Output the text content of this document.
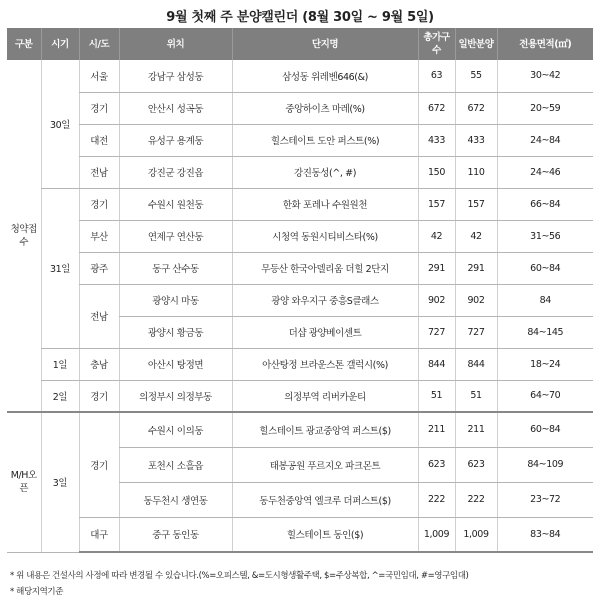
9월 첫째 주 분양캘린더 (8월 30일 ~ 9월 5일)
구분	시기	시/도	위치	단지명	총가구수	일반분양	전용면적(㎡)
청약접수	30일	서울	강남구 삼성동	삼성동 위레벤646(&)	63	55	30~42
		경기	안산시 성곡동	중앙하이츠 마레(%)	672	672	20~59
		대전	유성구 용계동	힐스테이트 도안 퍼스트(%)	433	433	24~84
		전남	강진군 강진읍	강진동성(^, #)	150	110	24~46
	31일	경기	수원시 원천동	한화 포레나 수원원천	157	157	66~84
		부산	연제구 연산동	시청역 동원시티비스타(%)	42	42	31~56
		광주	동구 산수동	무등산 한국아델리움 더힐 2단지	291	291	60~84
		전남	광양시 마동	광양 와우지구 중흥S클래스	902	902	84
			광양시 황금동	더샵 광양베이센트	727	727	84~145
	1일	충남	아산시 탕정면	아산탕정 브라운스톤 갤럭시(%)	844	844	18~24
	2일	경기	의정부시 의정부동	의정부역 리버카운티	51	51	64~70
M/H오픈	3일	경기	수원시 이의동	힐스테이트 광교중앙역 퍼스트($)	211	211	60~84
			포천시 소흘읍	태봉공원 푸르지오 파크몬트	623	623	84~109
			동두천시 생연동	동두천중앙역 엘크루 더퍼스트($)	222	222	23~72
		대구	중구 동인동	힐스테이트 동인($)	1,009	1,009	83~84
* 위 내용은 건설사의 사정에 따라 변경될 수 있습니다.(%=오피스텔, &=도시형생활주택, $=주상복합, ^=국민임대, #=영구임대)
* 해당지역기준
